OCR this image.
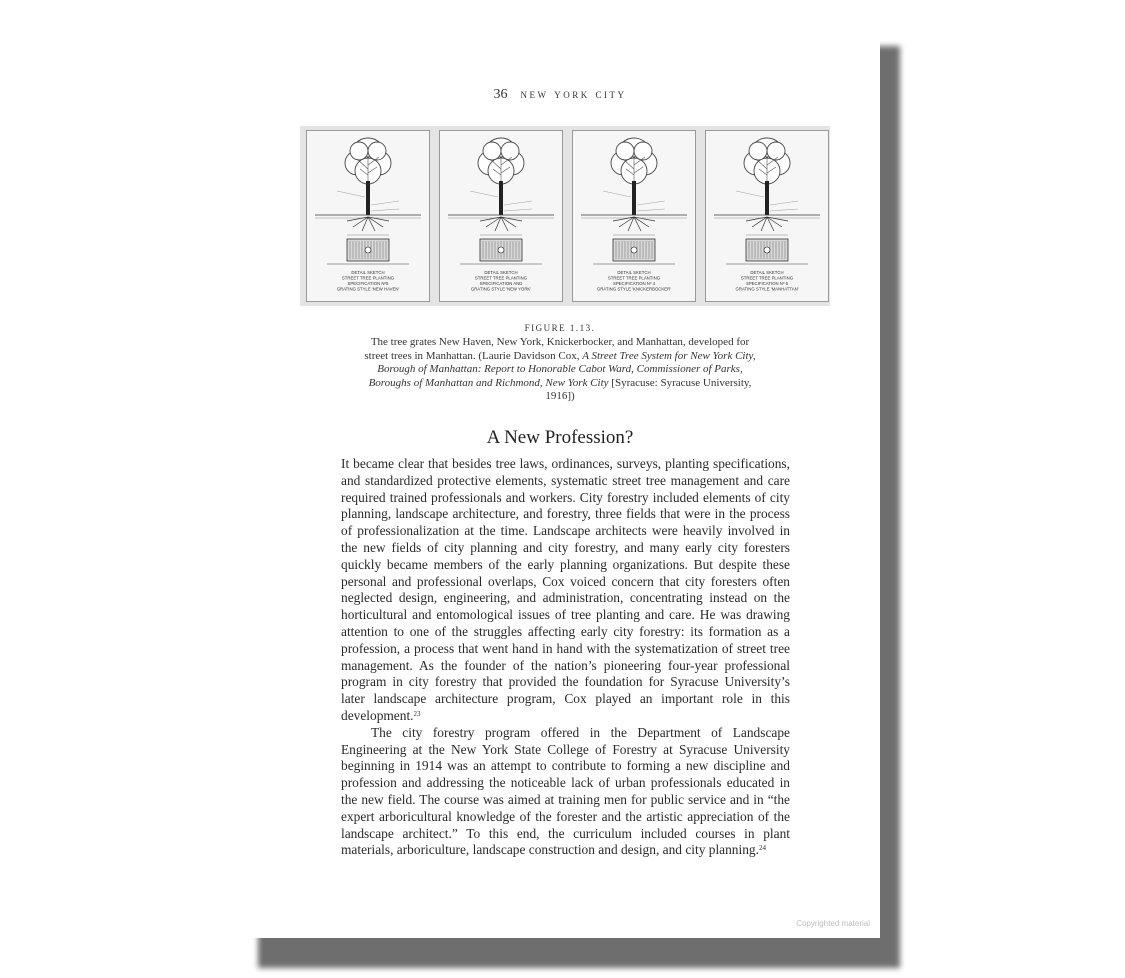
36 new york city
DETAIL SKETCH
STREET TREE PLANTING
SPECIFICATION Nº5
GRATING STYLE 'NEW HAVEN'
DETAIL SKETCH
STREET TREE PLANTING
SPECIFICATION AND
GRATING STYLE 'NEW YORK'
DETAIL SKETCH
STREET TREE PLANTING
SPECIFICATION Nº 4
GRATING STYLE 'KNICKERBOCKER'
DETAIL SKETCH
STREET TREE PLANTING
SPECIFICATION Nº 6
GRATING STYLE 'MANHATTAN'
FIGURE 1.13.
The tree grates New Haven, New York, Knickerbocker, and Manhattan, developed for street trees in Manhattan. (Laurie Davidson Cox, A Street Tree System for New York City, Borough of Manhattan: Report to Honorable Cabot Ward, Commissioner of Parks, Boroughs of Manhattan and Richmond, New York City [Syracuse: Syracuse University, 1916])
A New Profession?

It became clear that besides tree laws, ordinances, surveys, planting specifications, and standardized protective elements, systematic street tree management and care required trained professionals and workers. City forestry included elements of city planning, landscape architecture, and forestry, three fields that were in the process of professionalization at the time. Landscape architects were heavily involved in the new fields of city planning and city forestry, and many early city foresters quickly became members of the early planning organizations. But despite these personal and professional overlaps, Cox voiced concern that city foresters often neglected design, engineering, and administration, concentrating instead on the horticultural and entomological issues of tree planting and care. He was drawing attention to one of the struggles affecting early city forestry: its formation as a profession, a process that went hand in hand with the systematization of street tree management. As the founder of the nation’s pioneering four-year professional program in city forestry that provided the foundation for Syracuse University’s later landscape architecture program, Cox played an important role in this development.$^{23}$

The city forestry program offered in the Department of Landscape Engineering at the New York State College of Forestry at Syracuse University beginning in 1914 was an attempt to contribute to forming a new discipline and profession and addressing the noticeable lack of urban professionals educated in the new field. The course was aimed at training men for public service and in “the expert arboricultural knowledge of the forester and the artistic appreciation of the landscape architect.” To this end, the curriculum included courses in plant materials, arboriculture, landscape construction and design, and city planning.$^{24}$

Copyrighted material
